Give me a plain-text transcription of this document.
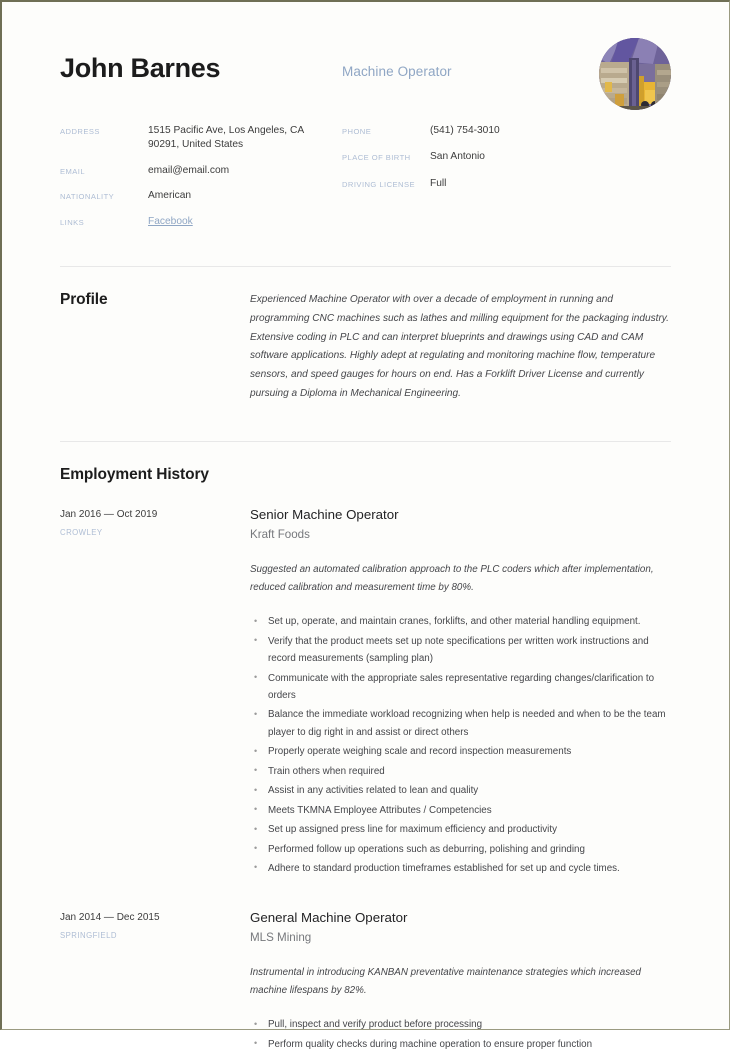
John Barnes	Machine Operator
ADDRESS	1515 Pacific Ave, Los Angeles, CA 90291, United States
EMAIL	email@email.com
NATIONALITY	American
LINKS	Facebook
PHONE	(541) 754-3010
PLACE OF BIRTH	San Antonio
DRIVING LICENSE	Full
Profile	Experienced Machine Operator with over a decade of employment in running and programming CNC machines such as lathes and milling equipment for the packaging industry. Extensive coding in PLC and can interpret blueprints and drawings using CAD and CAM software applications. Highly adept at regulating and monitoring machine flow, temperature sensors, and speed gauges for hours on end. Has a Forklift Driver License and currently pursuing a Diploma in Mechanical Engineering.
Employment History
Jan 2016 — Oct 2019
CROWLEY
Senior Machine Operator
Kraft Foods
Suggested an automated calibration approach to the PLC coders which after implementation, reduced calibration and measurement time by 80%.
• Set up, operate, and maintain cranes, forklifts, and other material handling equipment.
• Verify that the product meets set up note specifications per written work instructions and record measurements (sampling plan)
• Communicate with the appropriate sales representative regarding changes/clarification to orders
• Balance the immediate workload recognizing when help is needed and when to be the team player to dig right in and assist or direct others
• Properly operate weighing scale and record inspection measurements
• Train others when required
• Assist in any activities related to lean and quality
• Meets TKMNA Employee Attributes / Competencies
• Set up assigned press line for maximum efficiency and productivity
• Performed follow up operations such as deburring, polishing and grinding
• Adhere to standard production timeframes established for set up and cycle times.
Jan 2014 — Dec 2015
SPRINGFIELD
General Machine Operator
MLS Mining
Instrumental in introducing KANBAN preventative maintenance strategies which increased machine lifespans by 82%.
• Pull, inspect and verify product before processing
• Perform quality checks during machine operation to ensure proper function
